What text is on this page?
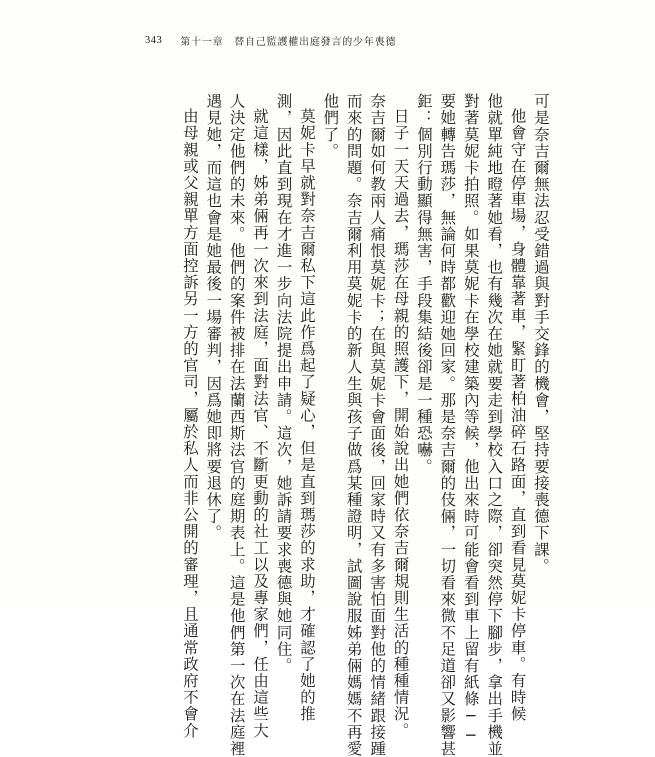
343 第十一章　替自己監護權出庭發言的少年喪德

可是奈吉爾無法忍受錯過與對手交鋒的機會，堅持要接喪德下課。

他會守在停車場，身體靠著車，緊盯著柏油碎石路面，直到看見莫妮卡停車。有時候

他就單純地瞪著她看，也有幾次在她就要走到學校入口之際，卻突然停下腳步，拿出手機並

對著莫妮卡拍照。如果莫妮卡在學校建築內等候，他出來時可能會看到車上留有紙條──

要她轉告瑪莎，無論何時都歡迎她回家。那是奈吉爾的伎倆，一切看來微不足道卻又影響甚

鉅：個別行動顯得無害，手段集結後卻是一種恐嚇。

日子一天天過去，瑪莎在母親的照護下，開始說出她們依奈吉爾規則生活的種種情況。

奈吉爾如何教兩人痛恨莫妮卡；在與莫妮卡會面後，回家時又有多害怕面對他的情緒跟接踵

而來的問題。奈吉爾利用莫妮卡的新人生與孩子做爲某種證明，試圖說服姊弟倆媽媽不再愛

他們了。

莫妮卡早就對奈吉爾私下這此作爲起了疑心，但是直到瑪莎的求助，才確認了她的推

測，因此直到現在才進一步向法院提出申請。這次，她訴請要求喪德與她同住。

就這樣，姊弟倆再一次來到法庭，面對法官、不斷更動的社工以及專家們，任由這些大

人決定他們的未來。他們的案件被排在法蘭西斯法官的庭期表上。這是他們第一次在法庭裡

遇見她，而這也會是她最後一場審判，因爲她即將要退休了。

由母親或父親單方面控訴另一方的官司，屬於私人而非公開的審理，且通常政府不會介
